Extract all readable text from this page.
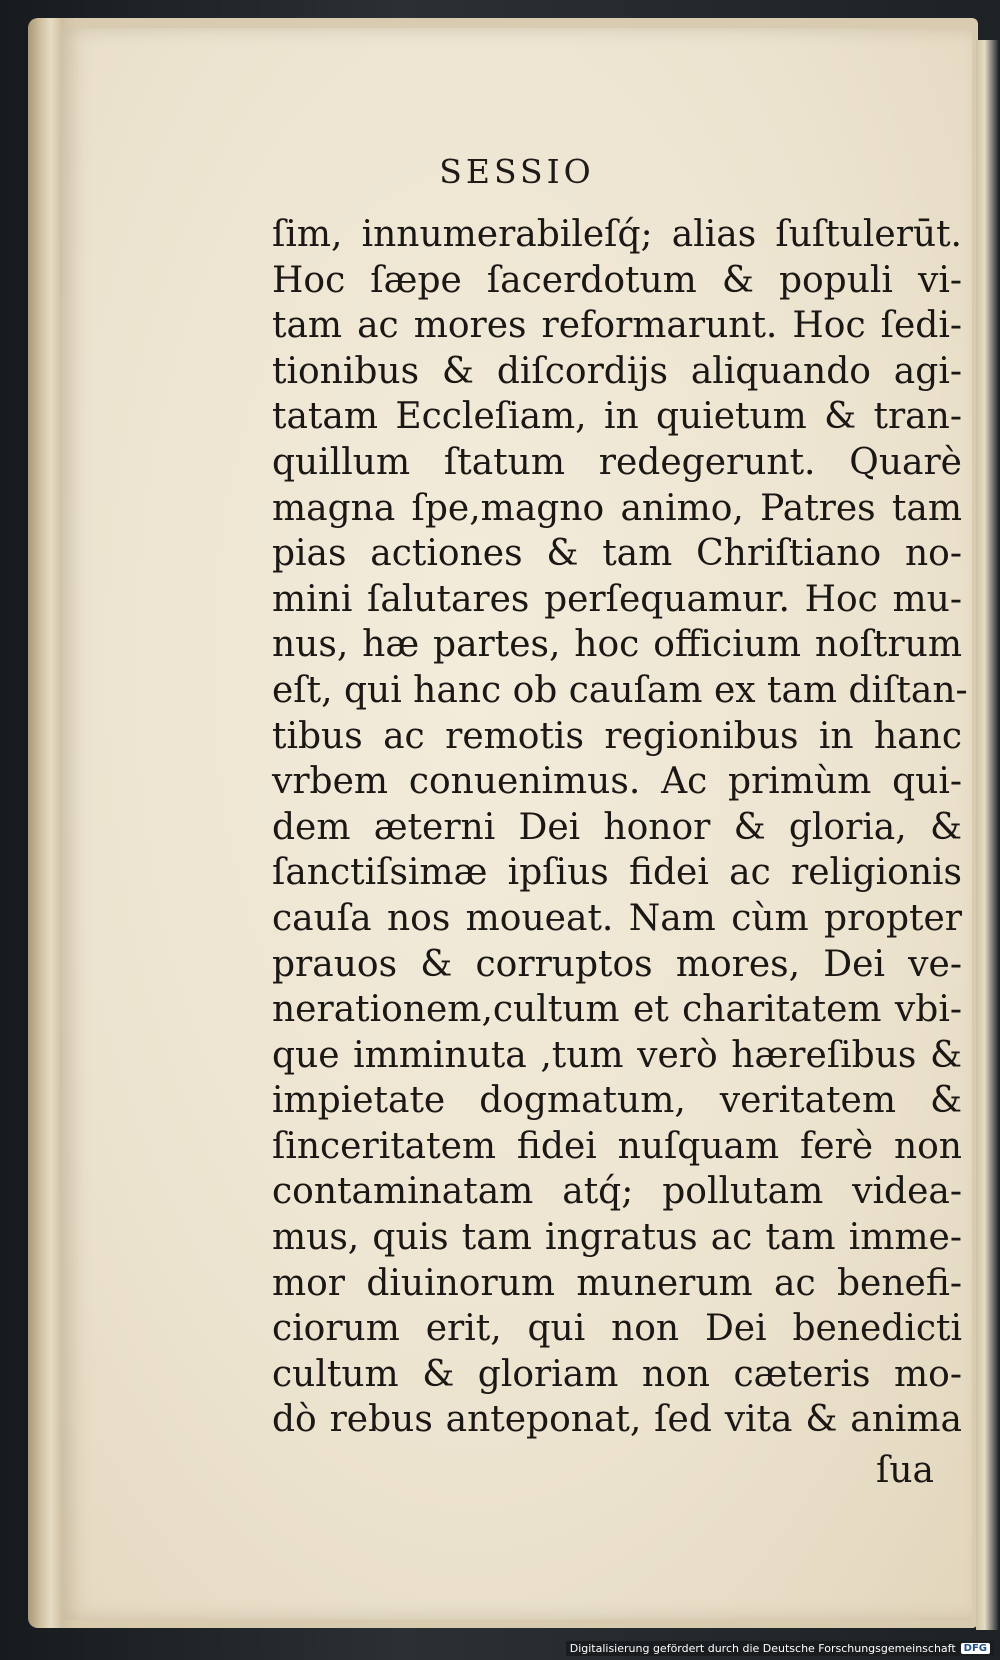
SESSIO
ſim, innumerabileſq́; alias ſuſtulerūt.
Hoc ſæpe ſacerdotum & populi vi-
tam ac mores reformarunt. Hoc ſedi-
tionibus & diſcordijs aliquando agi-
tatam Eccleſiam, in quietum & tran-
quillum ſtatum redegerunt. Quarè
magna ſpe,magno animo, Patres tam
pias actiones & tam Chriſtiano no-
mini ſalutares perſequamur. Hoc mu-
nus, hæ partes, hoc officium noſtrum
eſt, qui hanc ob cauſam ex tam diſtan-
tibus ac remotis regionibus in hanc
vrbem conuenimus. Ac primùm qui-
dem æterni Dei honor & gloria, &
ſanctiſsimæ ipſius fidei ac religionis
cauſa nos moueat. Nam cùm propter
prauos & corruptos mores, Dei ve-
nerationem,cultum et charitatem vbi-
que imminuta ,tum verò hæreſibus &
impietate dogmatum, veritatem &
ſinceritatem fidei nuſquam ferè non
contaminatam atq́; pollutam videa-
mus, quis tam ingratus ac tam imme-
mor diuinorum munerum ac benefi-
ciorum erit, qui non Dei benedicti
cultum & gloriam non cæteris mo-
dò rebus anteponat, ſed vita & anima
ſua
Digitalisierung gefördert durch die Deutsche Forschungsgemeinschaft DFG
